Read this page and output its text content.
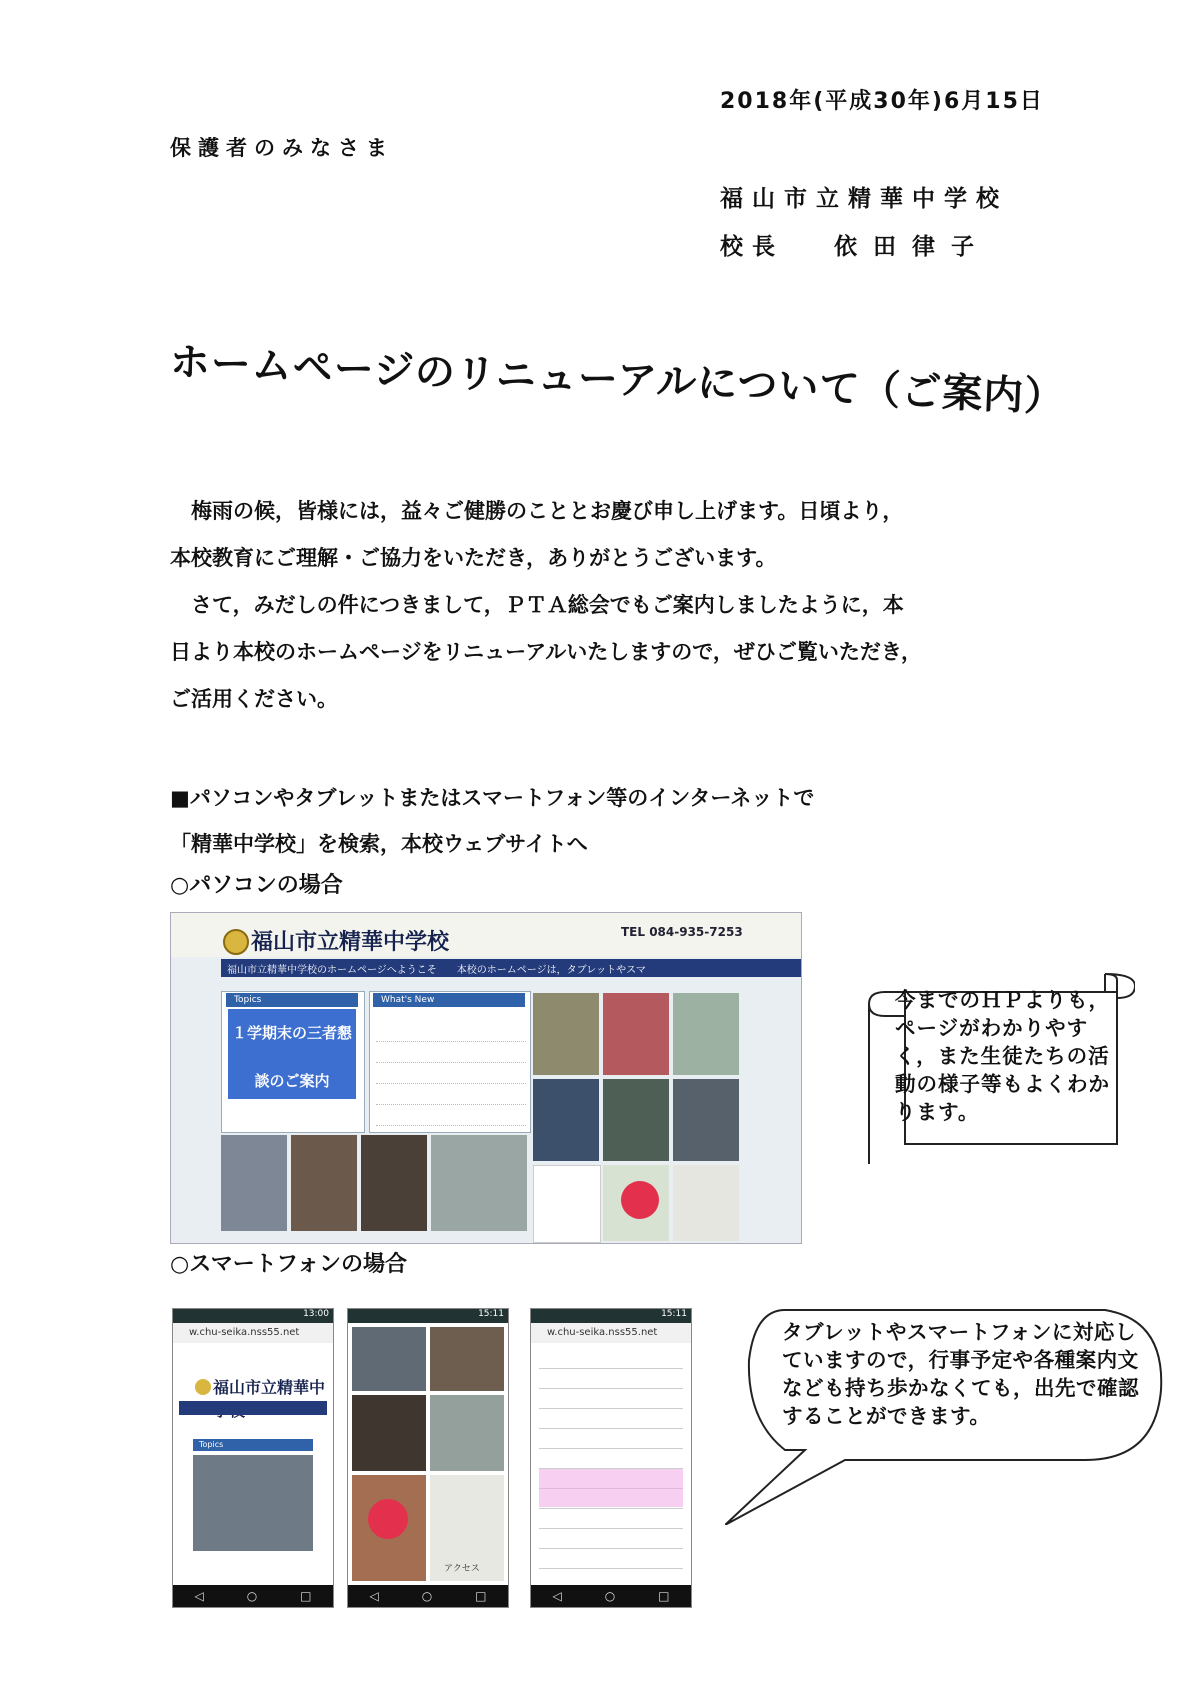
2018年(平成30年)6月15日
保護者のみなさま
福山市立精華中学校
校長 依田律子
ホームページのリニューアルについて（ご案内）

梅雨の候，皆様には，益々ご健勝のこととお慶び申し上げます。日頃より，

本校教育にご理解・ご協力をいただき，ありがとうございます。

さて，みだしの件につきまして，ＰＴＡ総会でもご案内しましたように，本

日より本校のホームページをリニューアルいたしますので，ぜひご覧いただき，

ご活用ください。

■パソコンやタブレットまたはスマートフォン等のインターネットで
「精華中学校」を検索，本校ウェブサイトへ
○パソコンの場合
福山市立精華中学校	TEL 084-935-7253
福山市立精華中学校のホームページへようこそ　　本校のホームページは，タブレットやスマ
Topics
１学期末の三者懇談のご案内
What's New
○スマートフォンの場合
13:00
w.chu-seika.nss55.net
福山市立精華中
Topics
◁	○	□
15:11
アクセス
◁	○	□
15:11
w.chu-seika.nss55.net
◁	○	□
今までのＨＰよりも，ページがわかりやすく，また生徒たちの活動の様子等もよくわかります。
タブレットやスマートフォンに対応していますので，行事予定や各種案内文なども持ち歩かなくても，出先で確認することができます。
